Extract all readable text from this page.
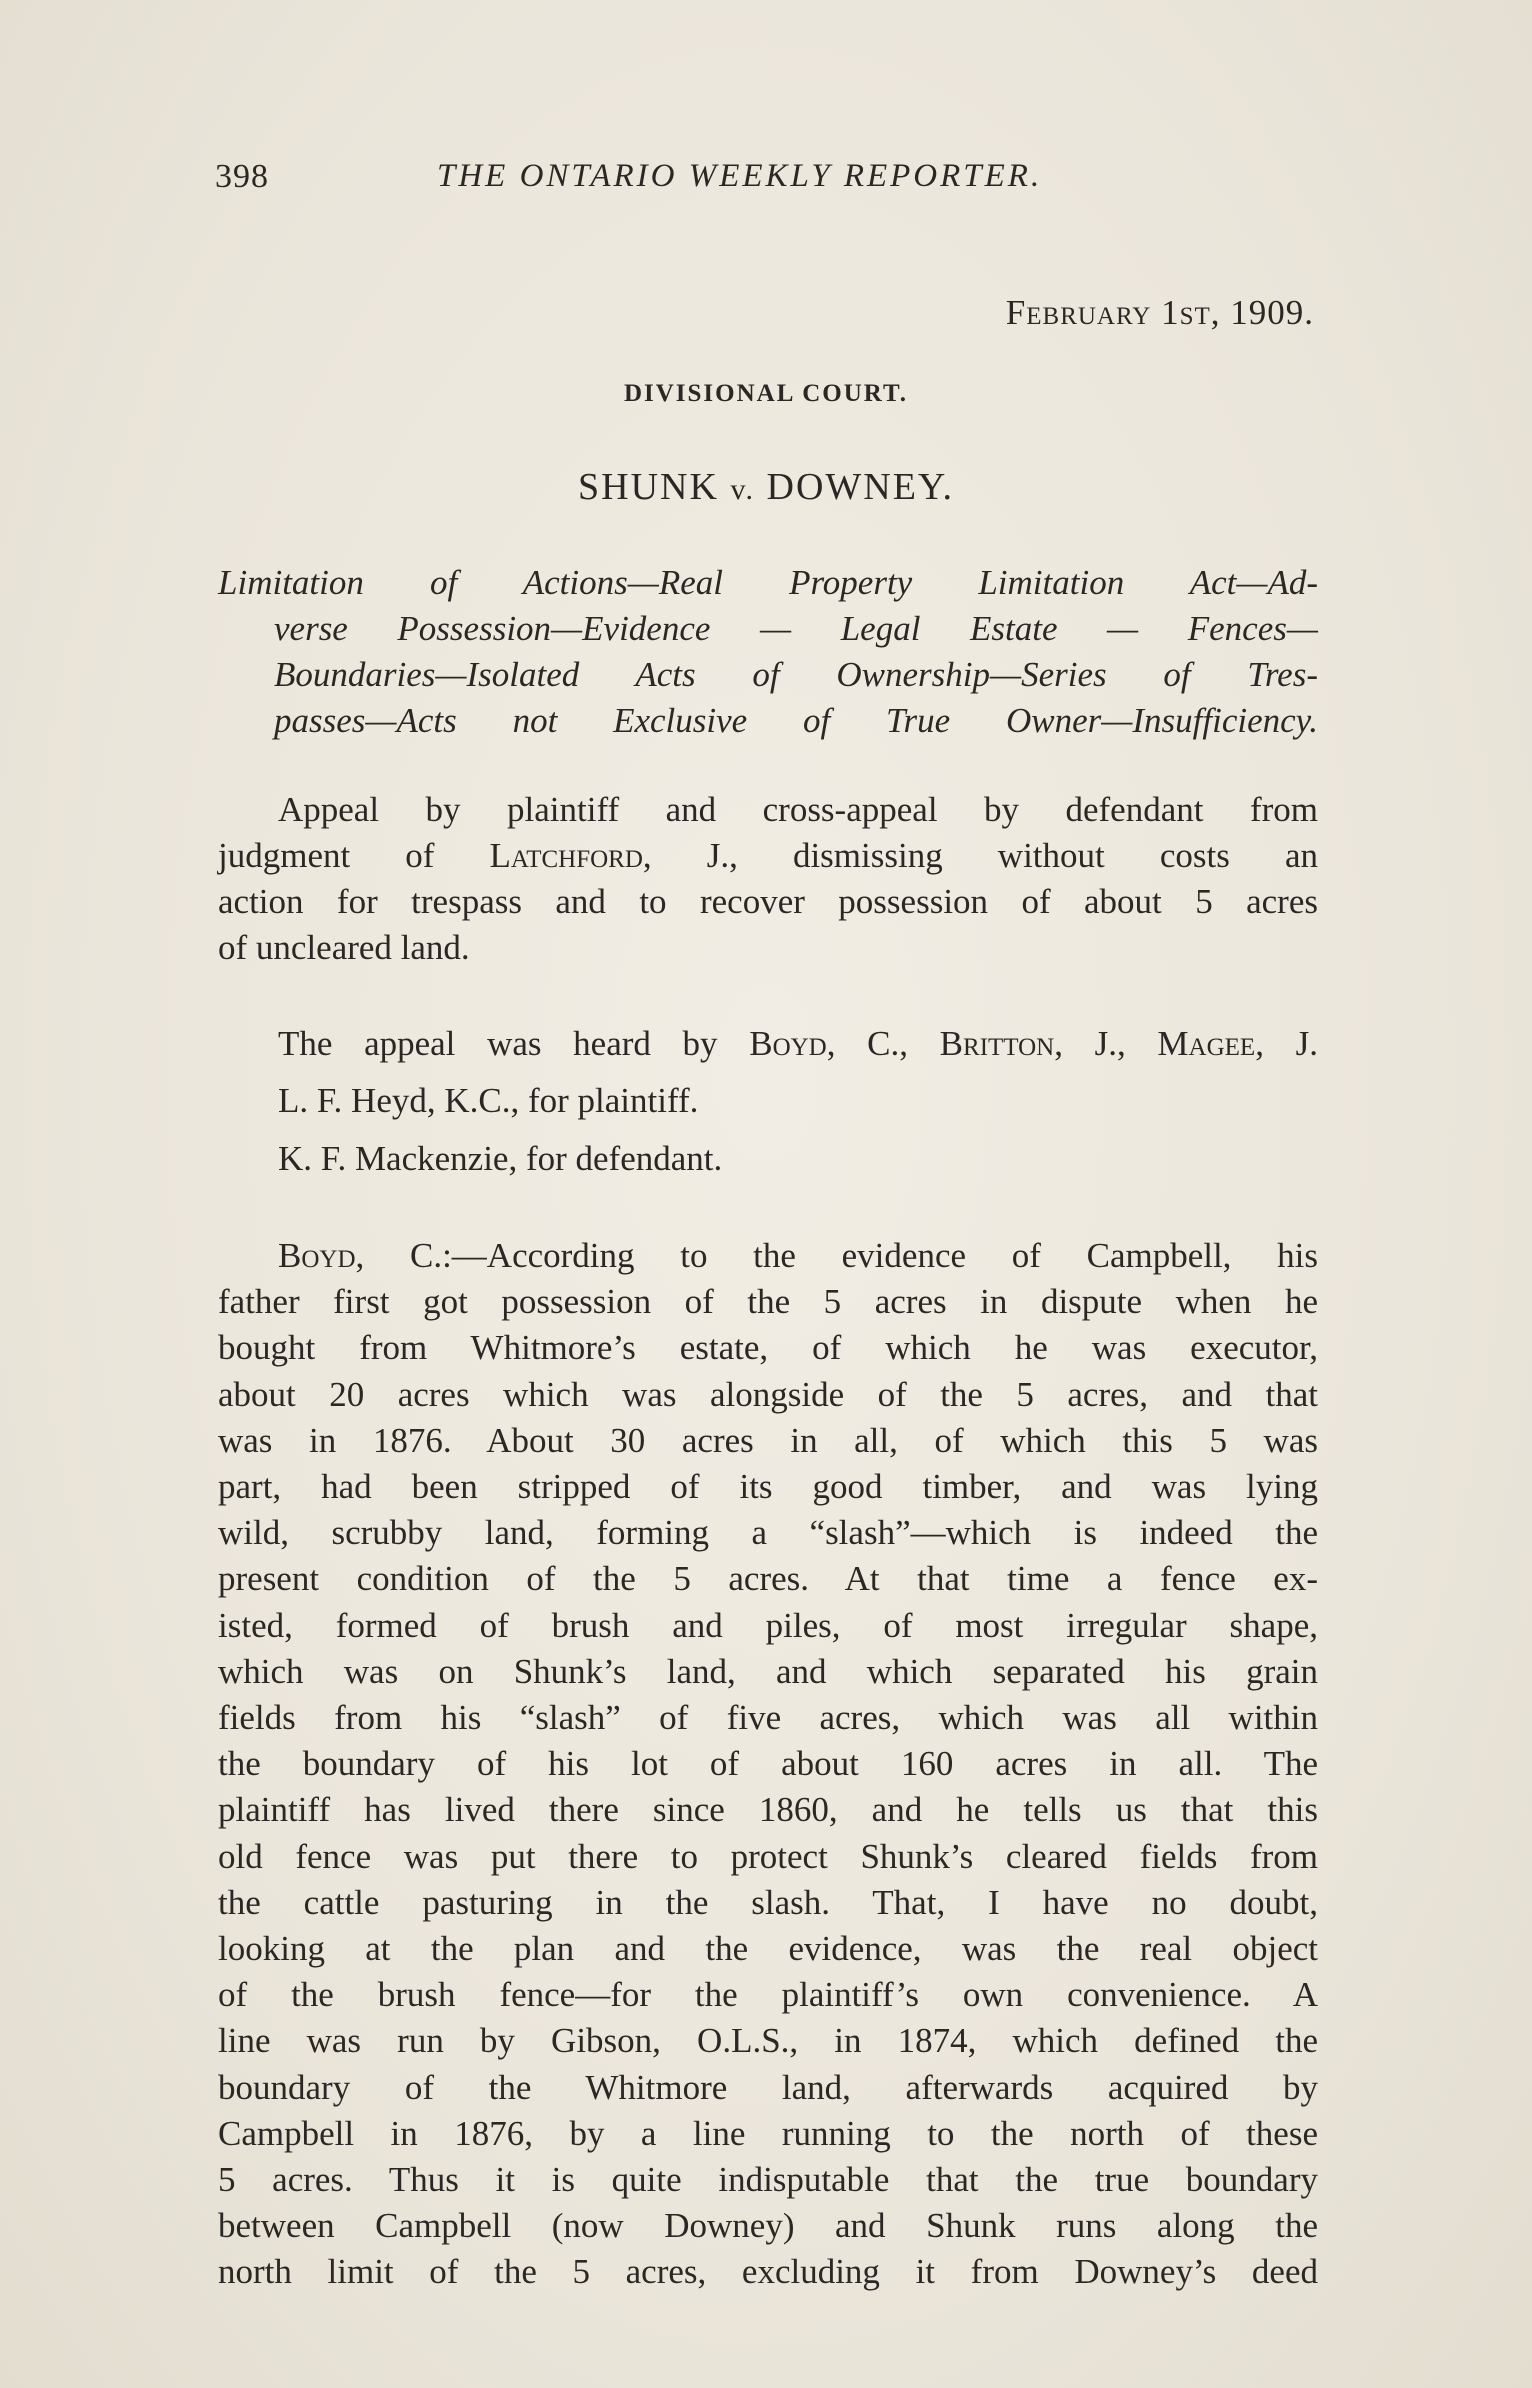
398	THE ONTARIO WEEKLY REPORTER.
February 1st, 1909.
DIVISIONAL COURT.
SHUNK v. DOWNEY.
Limitation of Actions—Real Property Limitation Act—Ad-
verse Possession—Evidence — Legal Estate — Fences—
Boundaries—Isolated Acts of Ownership—Series of Tres-
passes—Acts not Exclusive of True Owner—Insufficiency.
Appeal by plaintiff and cross-appeal by defendant from
judgment of Latchford, J., dismissing without costs an
action for trespass and to recover possession of about 5 acres
of uncleared land.
The appeal was heard by Boyd, C., Britton, J., Magee, J.
L. F. Heyd, K.C., for plaintiff.
K. F. Mackenzie, for defendant.
Boyd, C.:—According to the evidence of Campbell, his
father first got possession of the 5 acres in dispute when he
bought from Whitmore’s estate, of which he was executor,
about 20 acres which was alongside of the 5 acres, and that
was in 1876. About 30 acres in all, of which this 5 was
part, had been stripped of its good timber, and was lying
wild, scrubby land, forming a “slash”—which is indeed the
present condition of the 5 acres. At that time a fence ex-
isted, formed of brush and piles, of most irregular shape,
which was on Shunk’s land, and which separated his grain
fields from his “slash” of five acres, which was all within
the boundary of his lot of about 160 acres in all. The
plaintiff has lived there since 1860, and he tells us that this
old fence was put there to protect Shunk’s cleared fields from
the cattle pasturing in the slash. That, I have no doubt,
looking at the plan and the evidence, was the real object
of the brush fence—for the plaintiff’s own convenience. A
line was run by Gibson, O.L.S., in 1874, which defined the
boundary of the Whitmore land, afterwards acquired by
Campbell in 1876, by a line running to the north of these
5 acres. Thus it is quite indisputable that the true boundary
between Campbell (now Downey) and Shunk runs along the
north limit of the 5 acres, excluding it from Downey’s deed
